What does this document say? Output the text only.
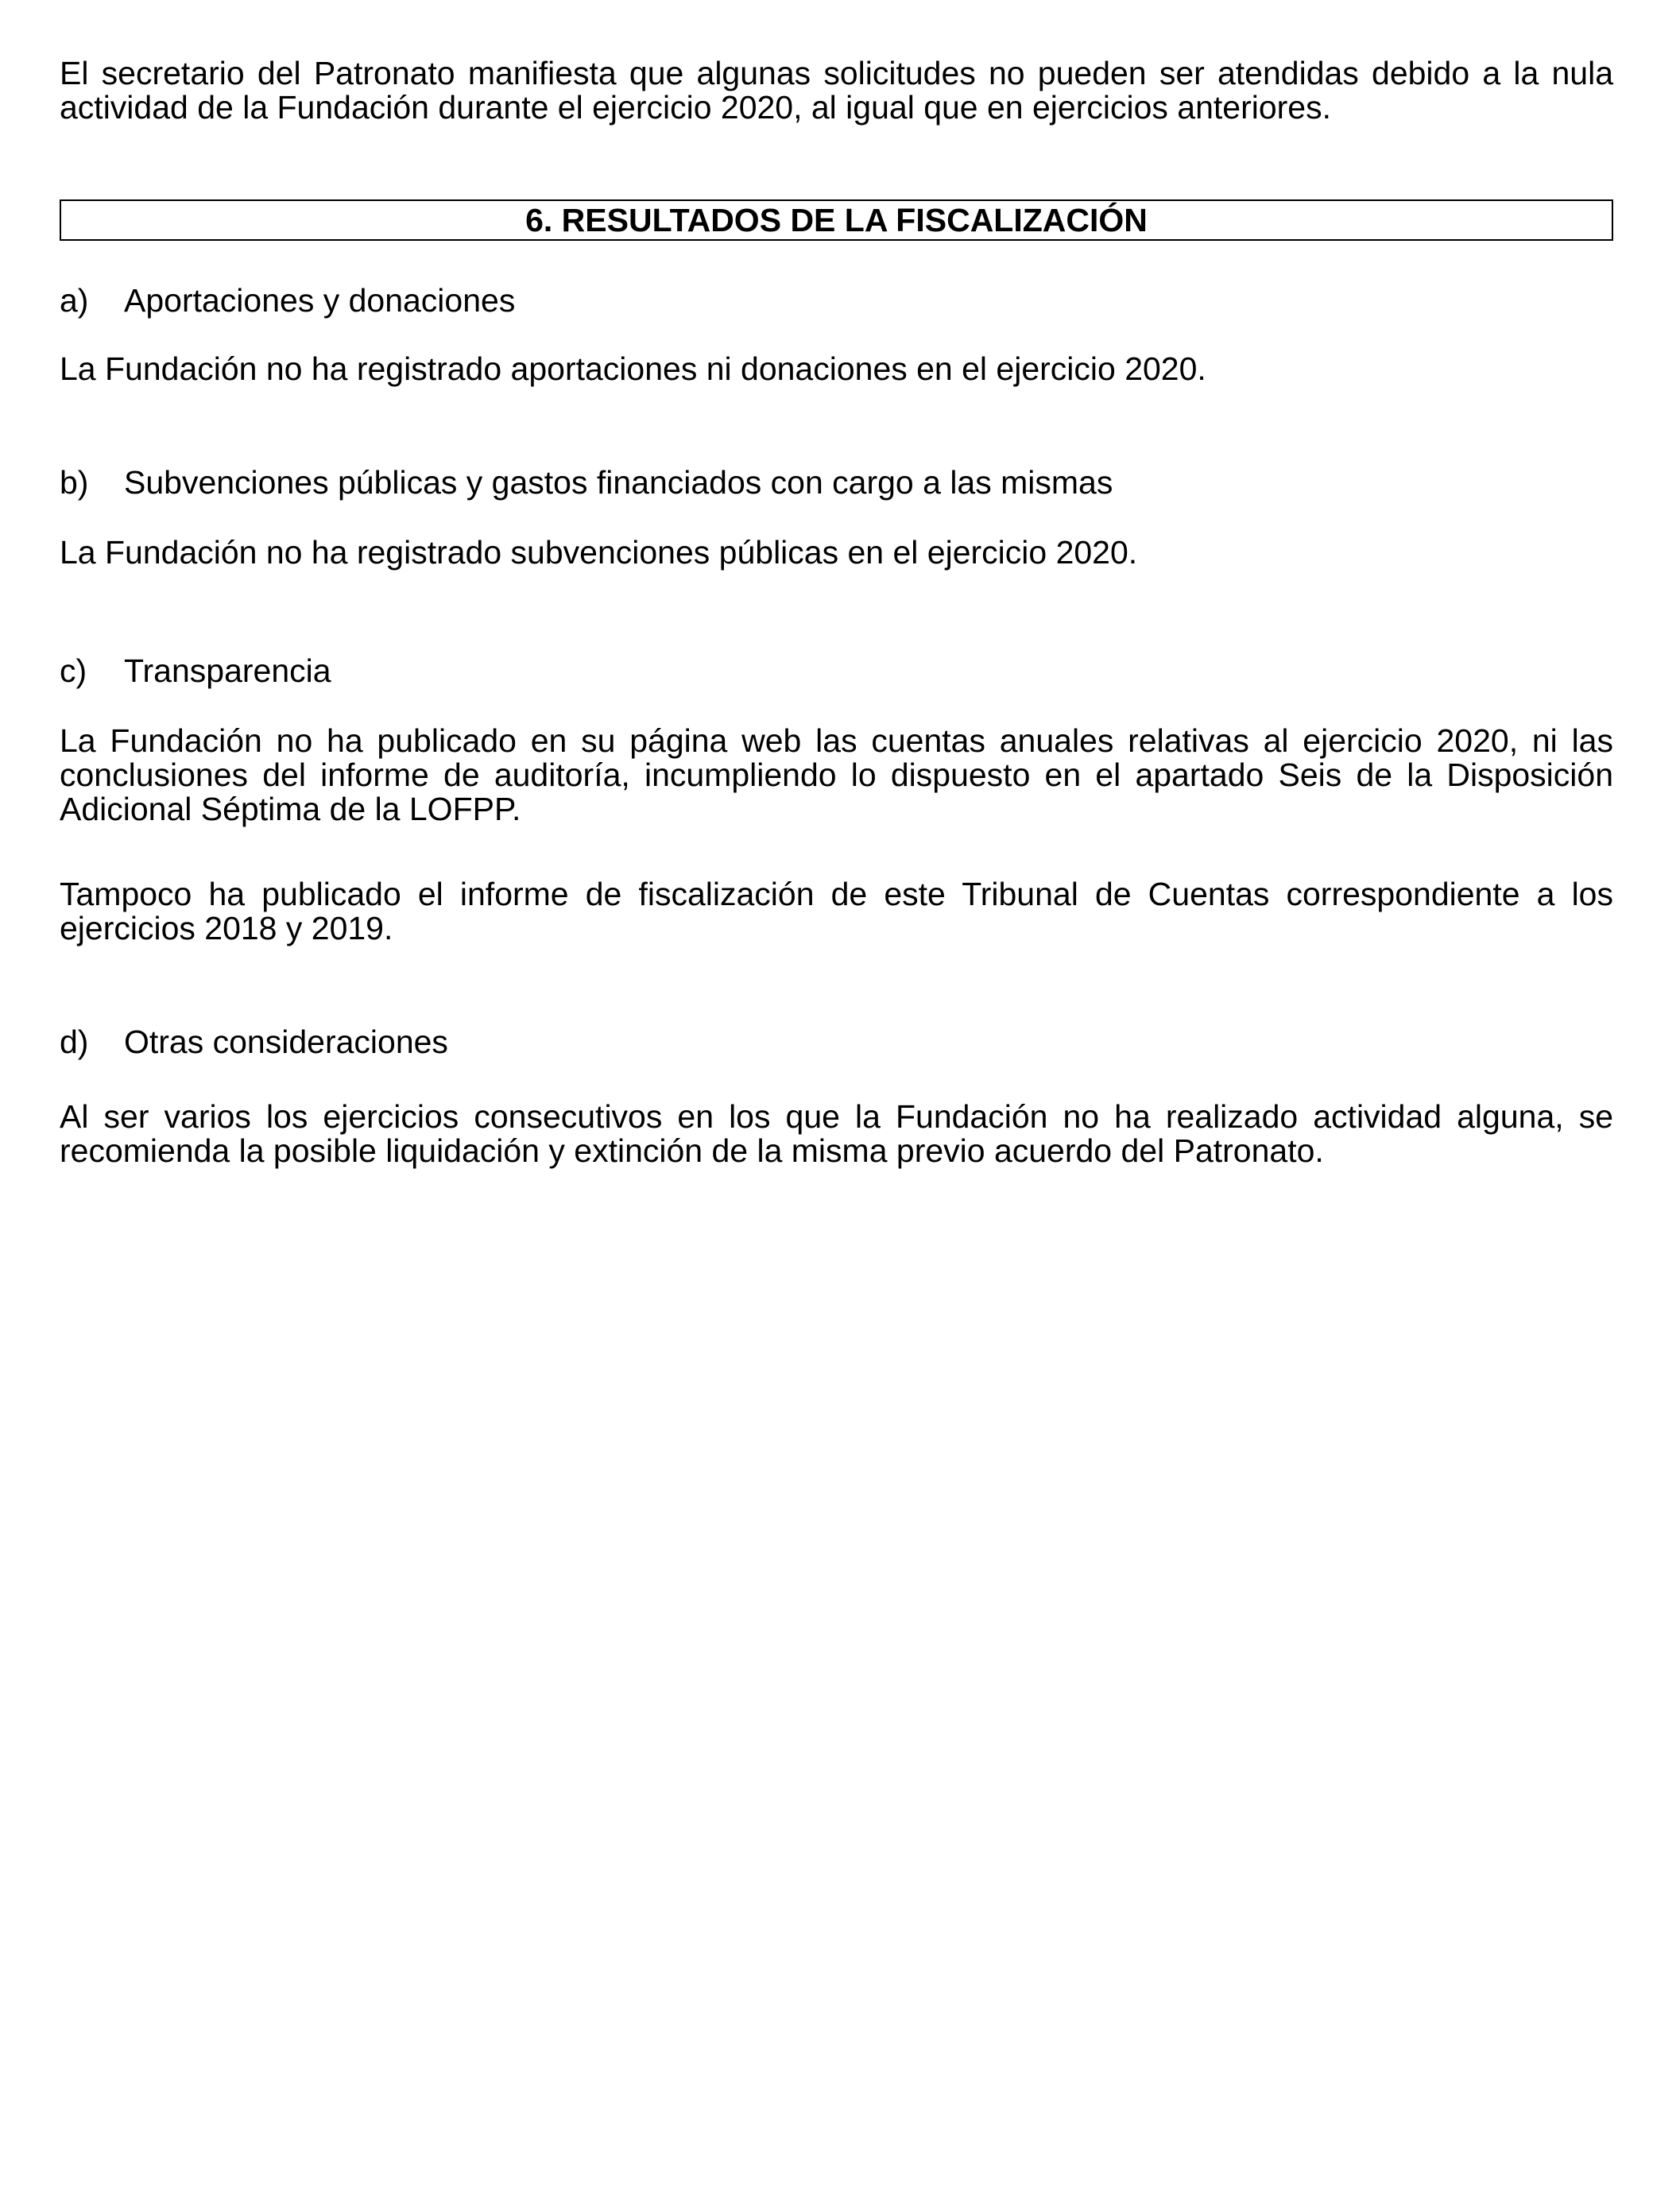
El secretario del Patronato manifiesta que algunas solicitudes no pueden ser atendidas debido a la nula actividad de la Fundación durante el ejercicio 2020, al igual que en ejercicios anteriores.

6. RESULTADOS DE LA FISCALIZACIÓN

a) Aportaciones y donaciones

La Fundación no ha registrado aportaciones ni donaciones en el ejercicio 2020.

b) Subvenciones públicas y gastos financiados con cargo a las mismas

La Fundación no ha registrado subvenciones públicas en el ejercicio 2020.

c) Transparencia

La Fundación no ha publicado en su página web las cuentas anuales relativas al ejercicio 2020, ni las conclusiones del informe de auditoría, incumpliendo lo dispuesto en el apartado Seis de la Disposición Adicional Séptima de la LOFPP.

Tampoco ha publicado el informe de fiscalización de este Tribunal de Cuentas correspondiente a los ejercicios 2018 y 2019.

d) Otras consideraciones

Al ser varios los ejercicios consecutivos en los que la Fundación no ha realizado actividad alguna, se recomienda la posible liquidación y extinción de la misma previo acuerdo del Patronato.
